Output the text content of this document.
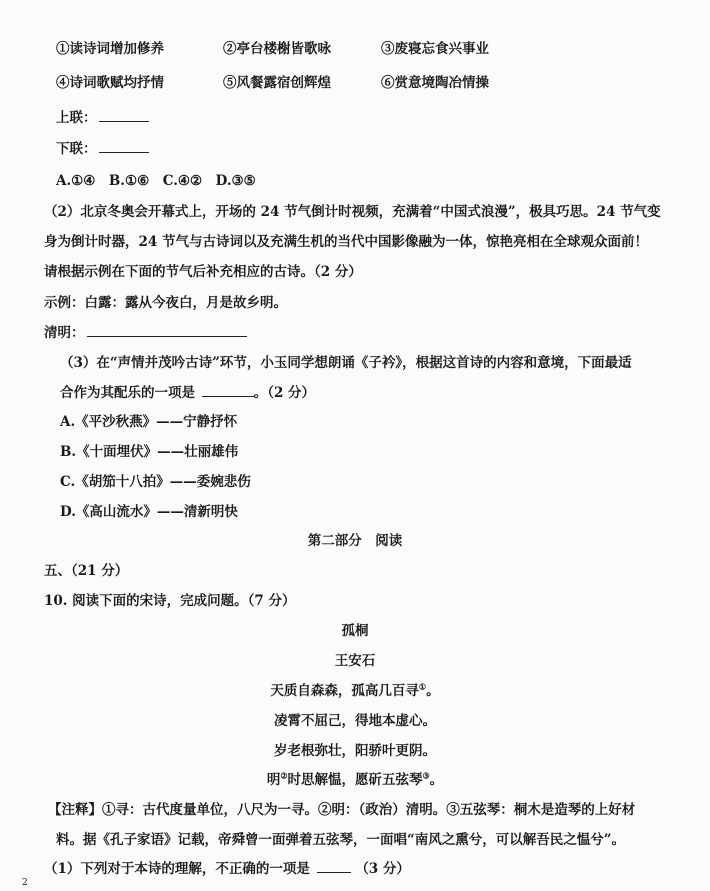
①读诗词增加修养	②亭台楼榭皆歌咏	③废寝忘食兴事业
④诗词歌赋均抒情	⑤风餐露宿创辉煌	⑥赏意境陶冶情操
上联：
下联：
A.①④　B.①⑥　C.④②　D.③⑤
（2）北京冬奥会开幕式上，开场的 24 节气倒计时视频，充满着“中国式浪漫”，极具巧思。24 节气变
身为倒计时器，24 节气与古诗词以及充满生机的当代中国影像融为一体，惊艳亮相在全球观众面前！
请根据示例在下面的节气后补充相应的古诗。（2 分）
示例：白露：露从今夜白，月是故乡明。
清明：
（3）在“声情并茂吟古诗”环节，小玉同学想朗诵《子衿》，根据这首诗的内容和意境，下面最适
合作为其配乐的一项是	。（2 分）
A.《平沙秋燕》——宁静抒怀
B.《十面埋伏》——壮丽雄伟
C.《胡笳十八拍》——委婉悲伤
D.《高山流水》——清新明快
第二部分　阅读
五、（21 分）
10. 阅读下面的宋诗，完成问题。（7 分）
孤桐
王安石
天质自森森，孤高几百寻①。
凌霄不屈己，得地本虚心。
岁老根弥壮，阳骄叶更阴。
明②时思解愠，愿斫五弦琴③。
【注释】①寻：古代度量单位，八尺为一寻。②明：（政治）清明。③五弦琴：桐木是造琴的上好材
料。据《孔子家语》记载，帝舜曾一面弹着五弦琴，一面唱“南风之熏兮，可以解吾民之愠兮”。
（1）下列对于本诗的理解，不正确的一项是	（3 分）
2
